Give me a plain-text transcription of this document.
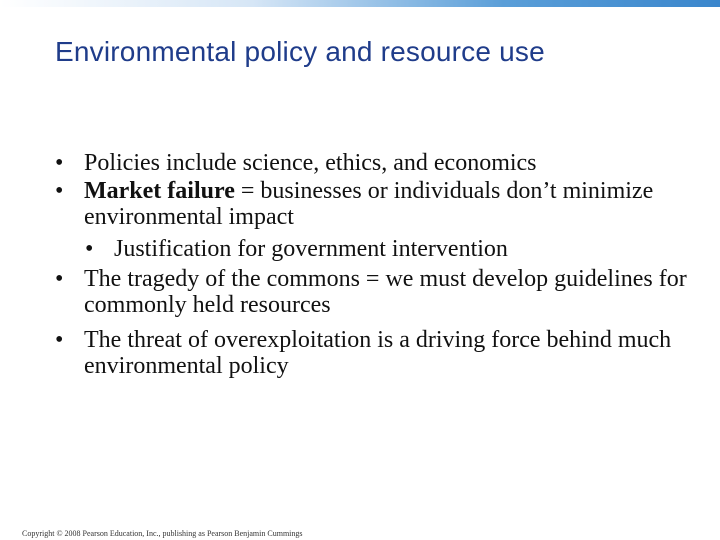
Environmental policy and resource use
• Policies include science, ethics, and economics
• Market failure = businesses or individuals don’t minimize environmental impact
• Justification for government intervention
• The tragedy of the commons = we must develop guidelines for commonly held resources
• The threat of overexploitation is a driving force behind much environmental policy
Copyright © 2008 Pearson Education, Inc., publishing as Pearson Benjamin Cummings
